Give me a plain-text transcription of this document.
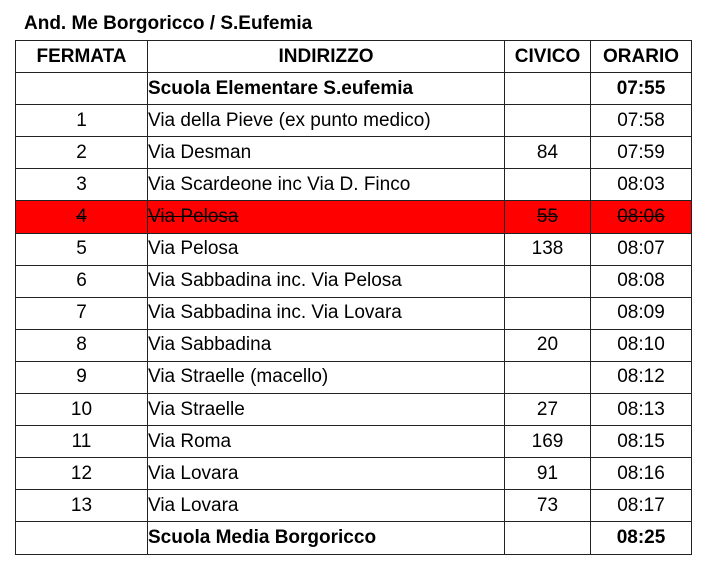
And. Me Borgoricco / S.Eufemia
FERMATA	INDIRIZZO	CIVICO	ORARIO
	Scuola Elementare S.eufemia		07:55
1	Via della Pieve (ex punto medico)		07:58
2	Via Desman	84	07:59
3	Via Scardeone inc Via D. Finco		08:03
4	Via Pelosa	55	08:06
5	Via Pelosa	138	08:07
6	Via Sabbadina inc. Via Pelosa		08:08
7	Via Sabbadina inc. Via Lovara		08:09
8	Via Sabbadina	20	08:10
9	Via Straelle (macello)		08:12
10	Via Straelle	27	08:13
11	Via Roma	169	08:15
12	Via Lovara	91	08:16
13	Via Lovara	73	08:17
	Scuola Media Borgoricco		08:25
